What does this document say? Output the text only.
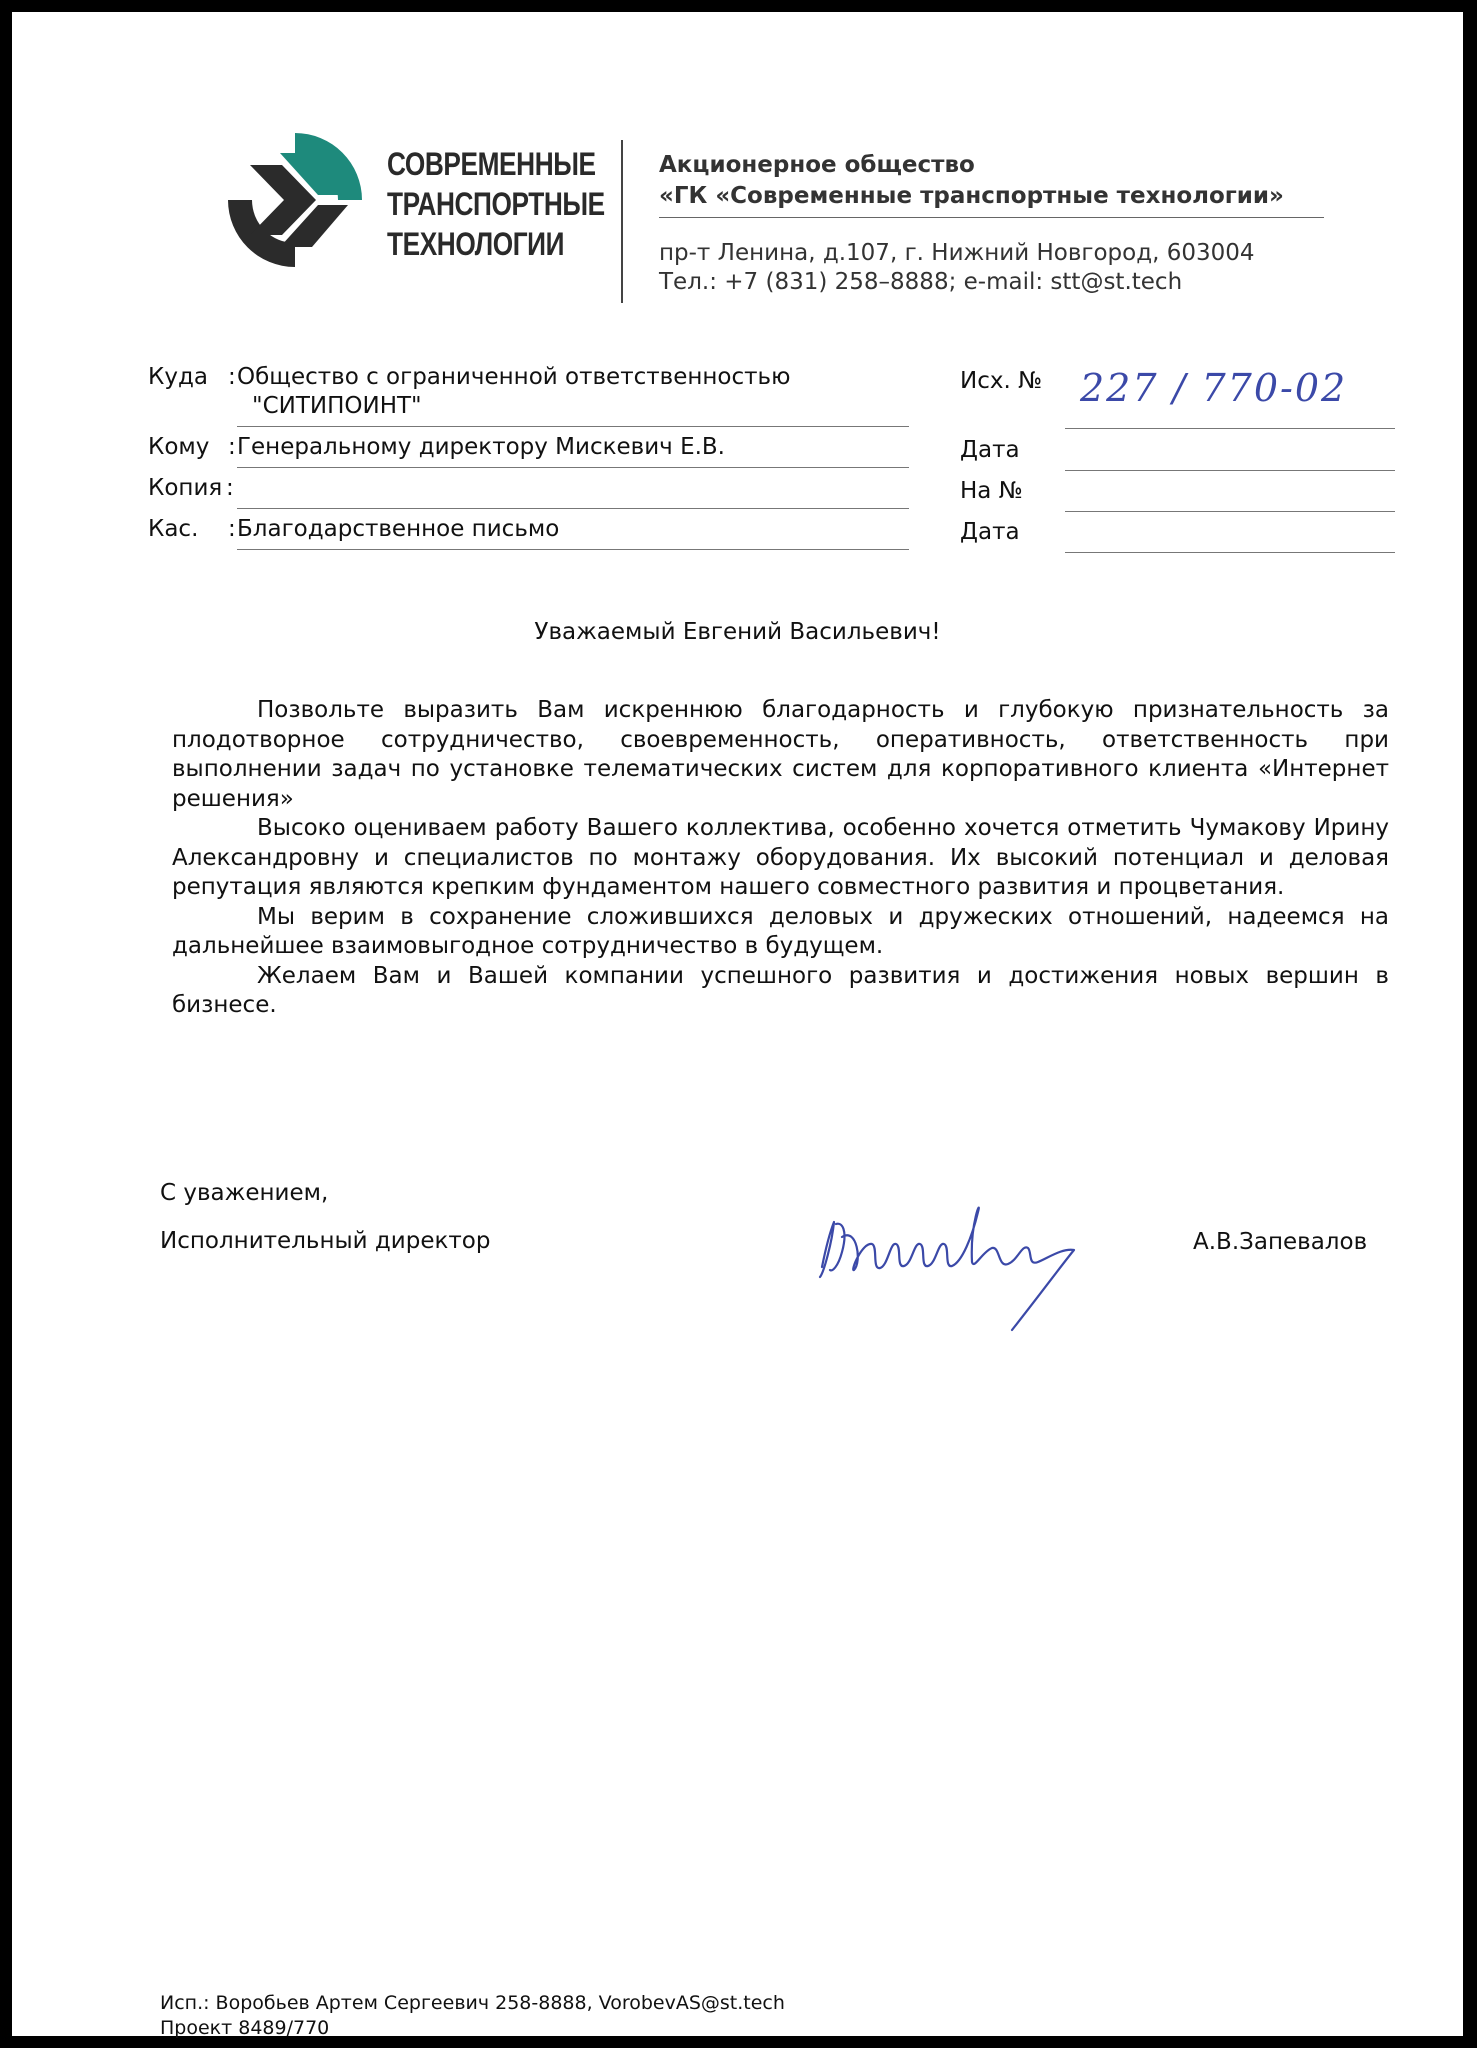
СОВРЕМЕННЫЕ
ТРАНСПОРТНЫЕ
ТЕХНОЛОГИИ
Акционерное общество
«ГК «Современные транспортные технологии»
пр-т Ленина, д.107, г. Нижний Новгород, 603004
Тел.: +7 (831) 258–8888; e-mail: stt@st.tech
Куда : Общество с ограниченной ответственностью
"СИТИПОИНТ"
Кому : Генеральному директору Мискевич Е.В.
Копия :
Кас. : Благодарственное письмо
Исх. № 227 / 770-02
Дата
На №
Дата
Уважаемый Евгений Васильевич!

Позвольте выразить Вам искреннюю благодарность и глубокую признательность за плодотворное сотрудничество, своевременность, оперативность, ответственность при выполнении задач по установке телематических систем для корпоративного клиента «Интернет решения»

Высоко оцениваем работу Вашего коллектива, особенно хочется отметить Чумакову Ирину Александровну и специалистов по монтажу оборудования. Их высокий потенциал и деловая репутация являются крепким фундаментом нашего совместного развития и процветания.

Мы верим в сохранение сложившихся деловых и дружеских отношений, надеемся на дальнейшее взаимовыгодное сотрудничество в будущем.

Желаем Вам и Вашей компании успешного развития и достижения новых вершин в бизнесе.

С уважением,
Исполнительный директор	А.В.Запевалов
Исп.: Воробьев Артем Сергеевич 258-8888, VorobevAS@st.tech
Проект 8489/770
